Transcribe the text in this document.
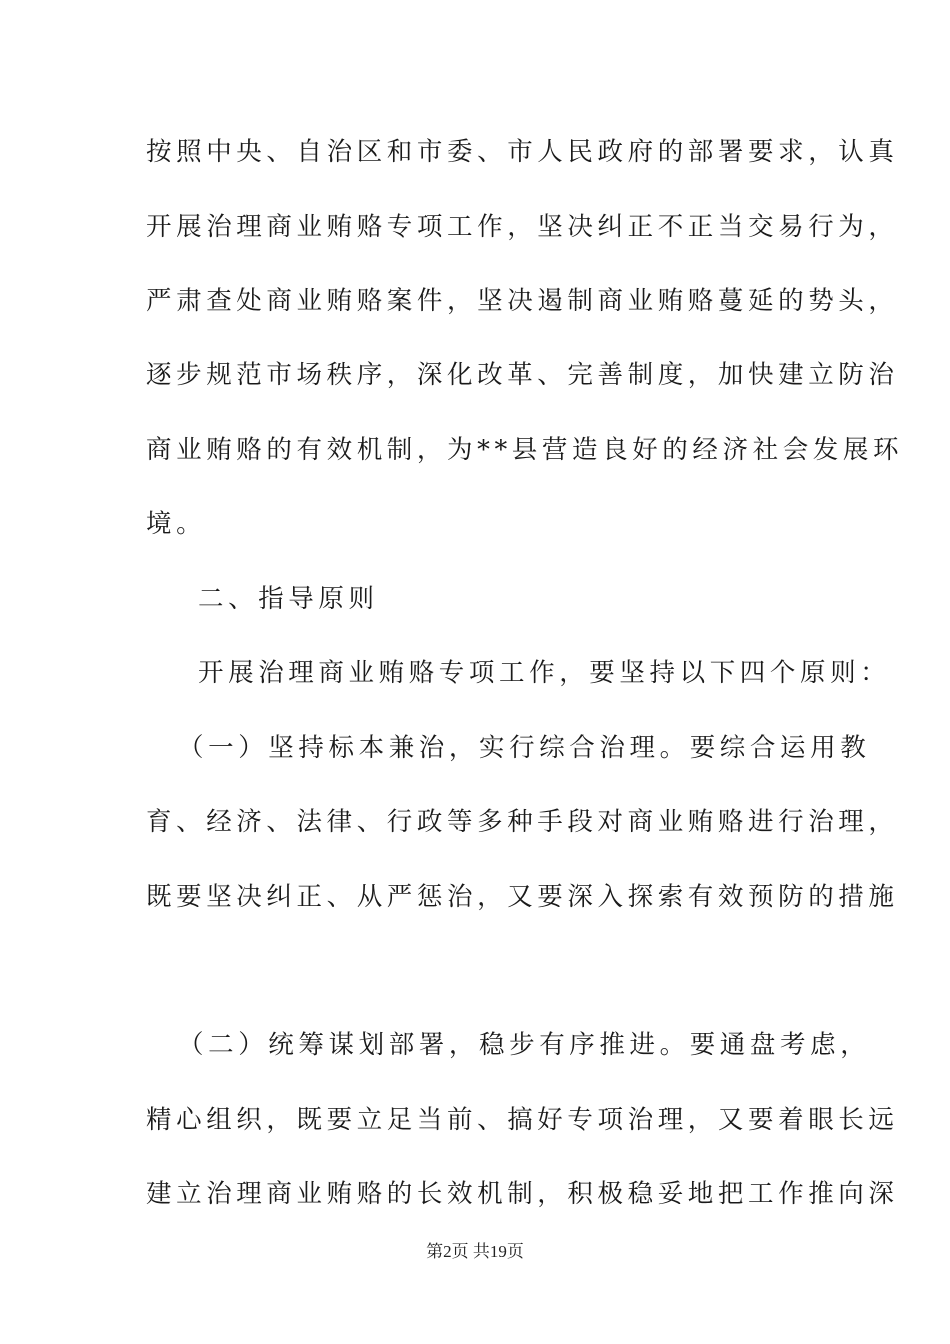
按照中央、自治区和市委、市人民政府的部署要求，认真
开展治理商业贿赂专项工作，坚决纠正不正当交易行为，
严肃查处商业贿赂案件，坚决遏制商业贿赂蔓延的势头，
逐步规范市场秩序，深化改革、完善制度，加快建立防治
商业贿赂的有效机制，为**县营造良好的经济社会发展环
境。
二、指导原则
开展治理商业贿赂专项工作，要坚持以下四个原则：
（一）坚持标本兼治，实行综合治理。要综合运用教
育、经济、法律、行政等多种手段对商业贿赂进行治理，
既要坚决纠正、从严惩治，又要深入探索有效预防的措施
（二）统筹谋划部署，稳步有序推进。要通盘考虑，
精心组织，既要立足当前、搞好专项治理，又要着眼长远
建立治理商业贿赂的长效机制，积极稳妥地把工作推向深
第2页 共19页
